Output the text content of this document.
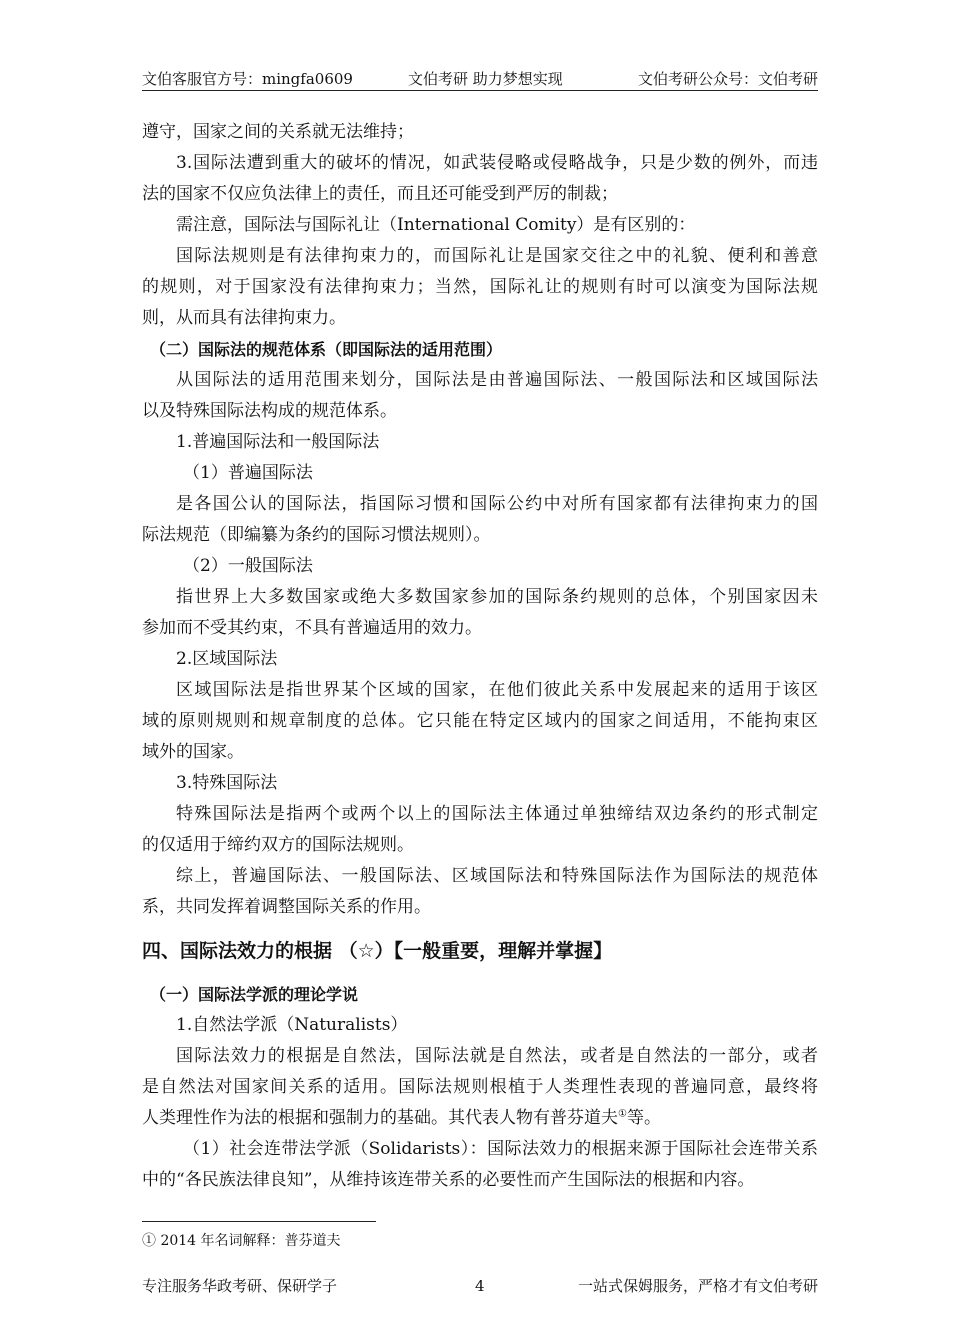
文伯客服官方号：mingfa0609	文伯考研 助力梦想实现	文伯考研公众号：文伯考研
遵守，国家之间的关系就无法维持；
3.国际法遭到重大的破坏的情况，如武装侵略或侵略战争，只是少数的例外，而违
法的国家不仅应负法律上的责任，而且还可能受到严厉的制裁；
需注意，国际法与国际礼让（International Comity）是有区别的：
国际法规则是有法律拘束力的，而国际礼让是国家交往之中的礼貌、便利和善意
的规则，对于国家没有法律拘束力；当然，国际礼让的规则有时可以演变为国际法规
则，从而具有法律拘束力。
（二）国际法的规范体系（即国际法的适用范围）
从国际法的适用范围来划分，国际法是由普遍国际法、一般国际法和区域国际法
以及特殊国际法构成的规范体系。
1.普遍国际法和一般国际法
（1）普遍国际法
是各国公认的国际法，指国际习惯和国际公约中对所有国家都有法律拘束力的国
际法规范（即编纂为条约的国际习惯法规则）。
（2）一般国际法
指世界上大多数国家或绝大多数国家参加的国际条约规则的总体，个别国家因未
参加而不受其约束，不具有普遍适用的效力。
2.区域国际法
区域国际法是指世界某个区域的国家，在他们彼此关系中发展起来的适用于该区
域的原则规则和规章制度的总体。它只能在特定区域内的国家之间适用，不能拘束区
域外的国家。
3.特殊国际法
特殊国际法是指两个或两个以上的国际法主体通过单独缔结双边条约的形式制定
的仅适用于缔约双方的国际法规则。
综上，普遍国际法、一般国际法、区域国际法和特殊国际法作为国际法的规范体
系，共同发挥着调整国际关系的作用。
四、国际法效力的根据 （☆）【一般重要，理解并掌握】
（一）国际法学派的理论学说
1.自然法学派（Naturalists）
国际法效力的根据是自然法，国际法就是自然法，或者是自然法的一部分，或者
是自然法对国家间关系的适用。国际法规则根植于人类理性表现的普遍同意，最终将
人类理性作为法的根据和强制力的基础。其代表人物有普芬道夫①等。
（1）社会连带法学派（Solidarists）：国际法效力的根据来源于国际社会连带关系
中的“各民族法律良知”，从维持该连带关系的必要性而产生国际法的根据和内容。
① 2014 年名词解释：普芬道夫
专注服务华政考研、保研学子	4	一站式保姆服务，严格才有文伯考研
